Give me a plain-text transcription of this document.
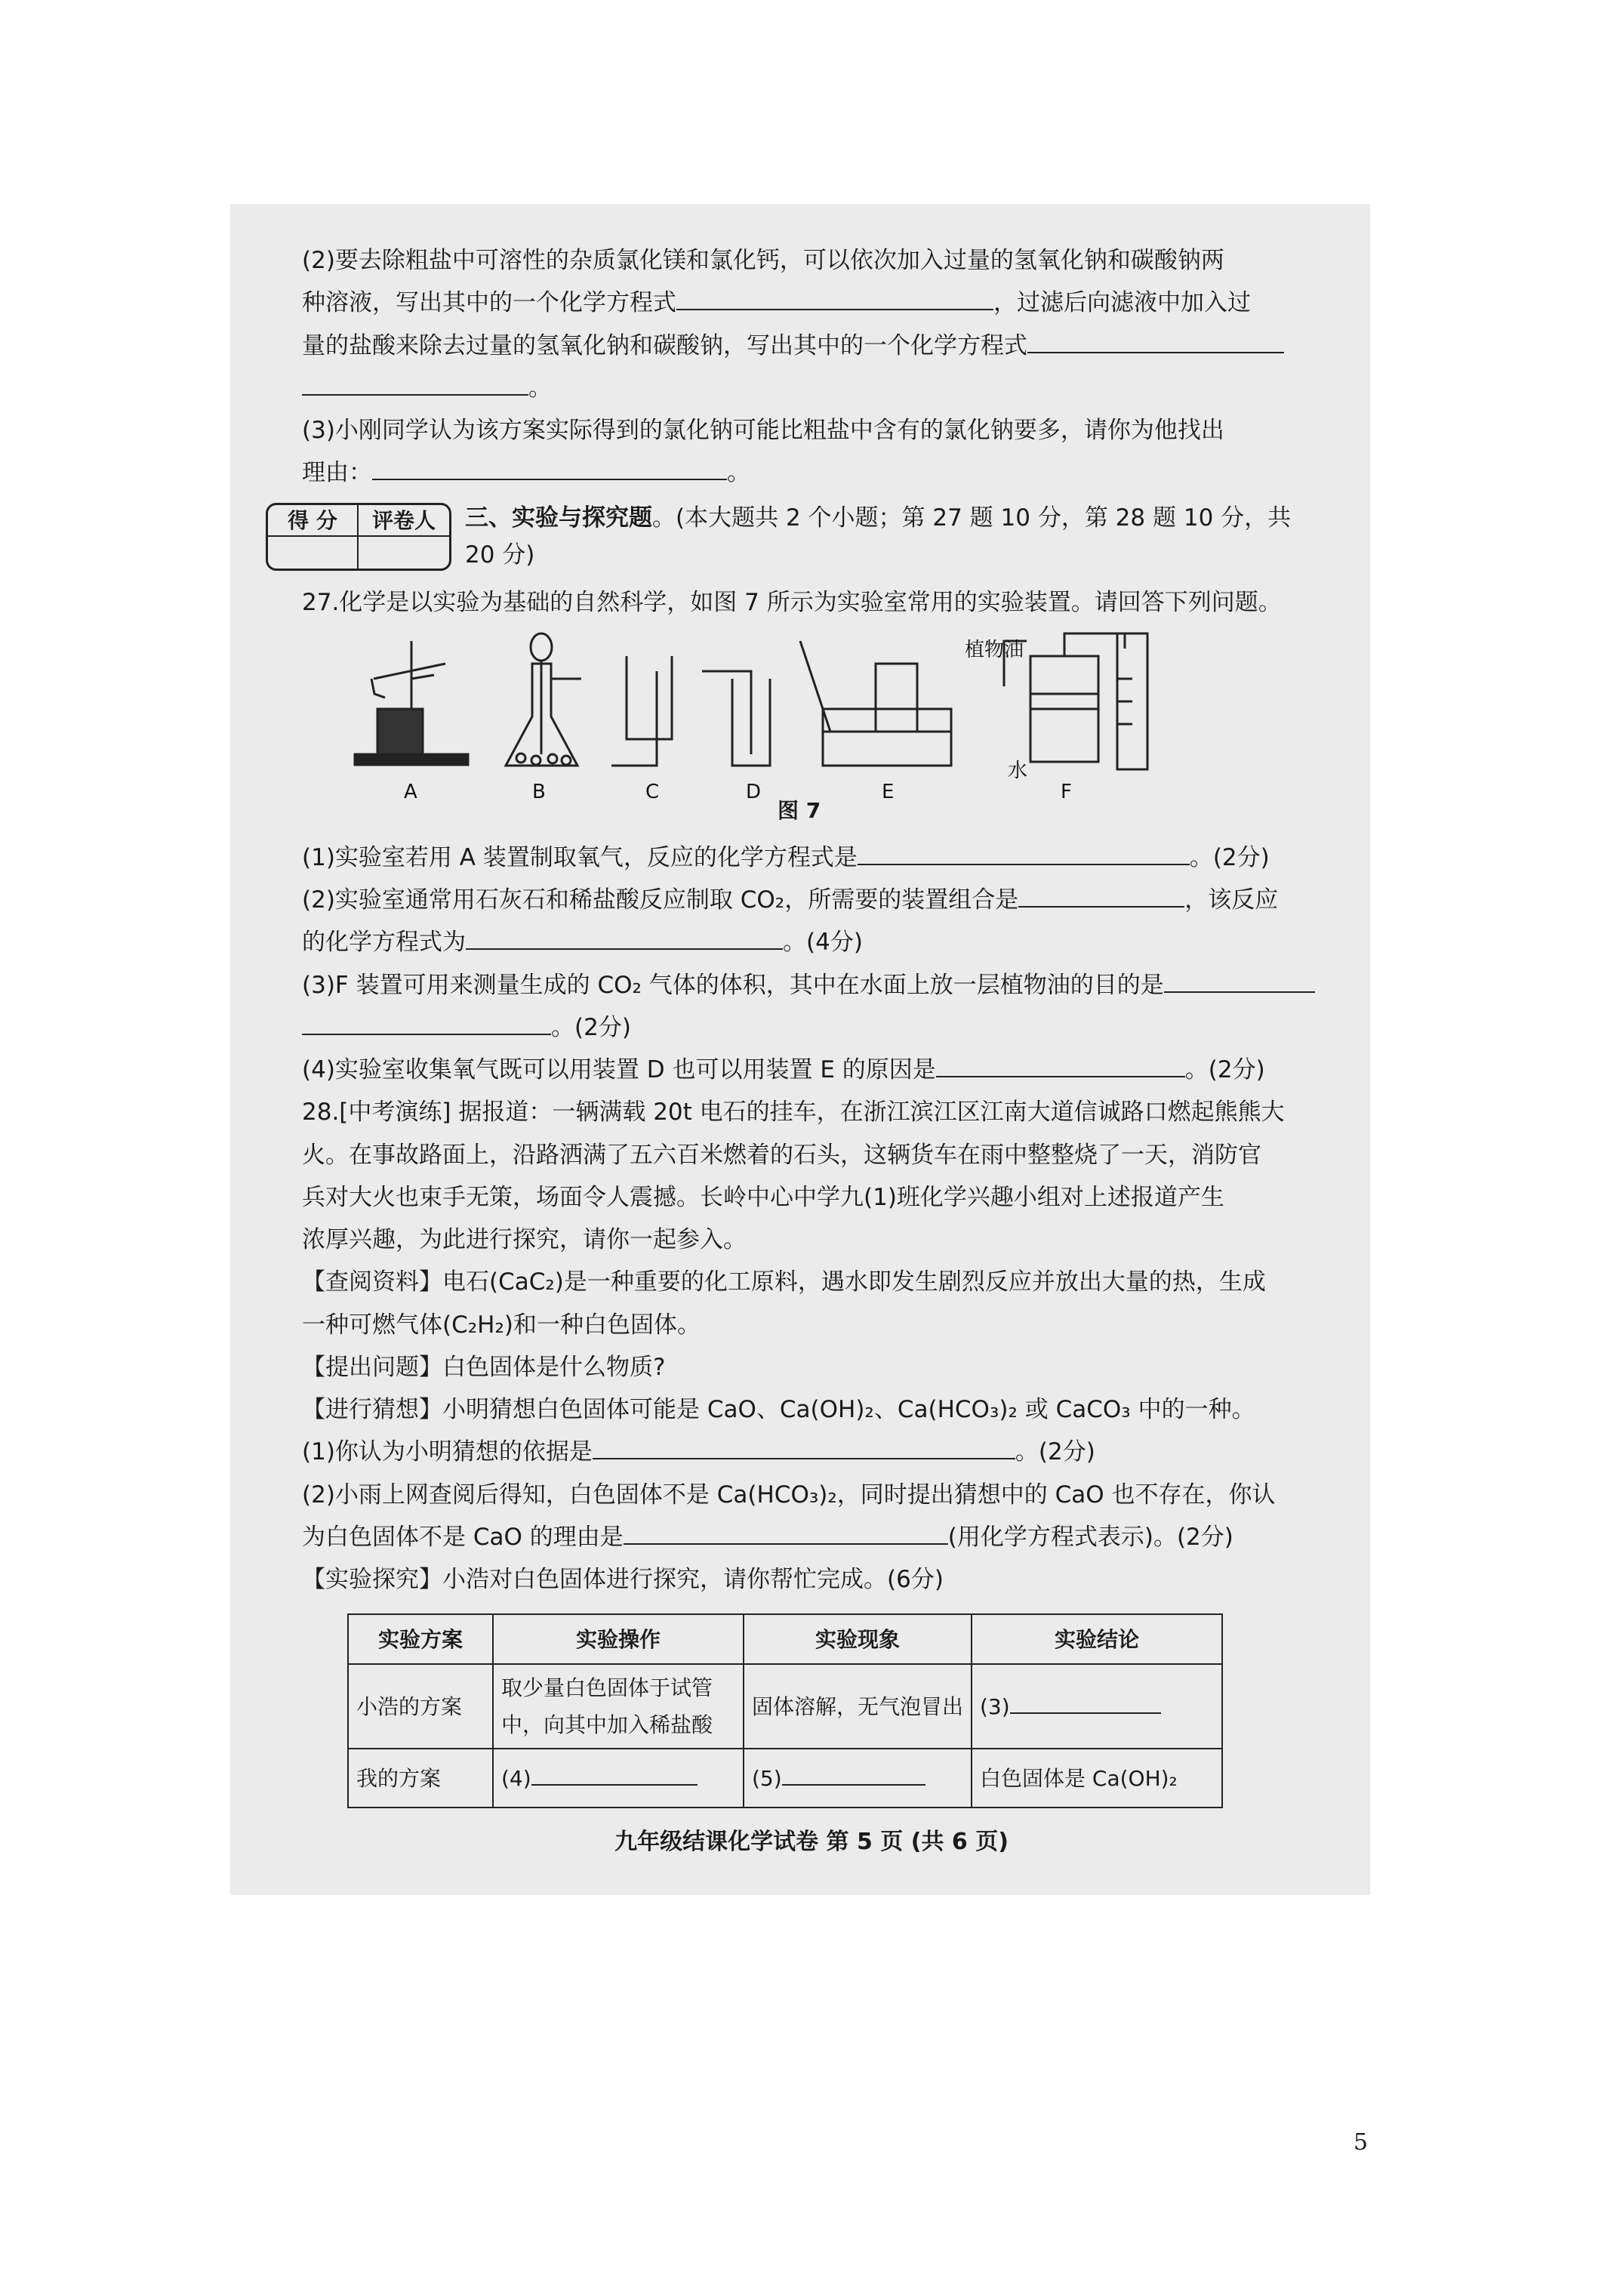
(2)要去除粗盐中可溶性的杂质氯化镁和氯化钙，可以依次加入过量的氢氧化钠和碳酸钠两

种溶液，写出其中的一个化学方程式	，过滤后向滤液中加入过

量的盐酸来除去过量的氢氧化钠和碳酸钠，写出其中的一个化学方程式

。

(3)小刚同学认为该方案实际得到的氯化钠可能比粗盐中含有的氯化钠要多，请你为他找出

理由：	。

得 分	评卷人	三、实验与探究题。(本大题共 2 个小题；第 27 题 10 分，第 28 题 10 分，共
20 分)

27.化学是以实验为基础的自然科学，如图 7 所示为实验室常用的实验装置。请回答下列问题。

A	B	C	D	E	F
植物油
水
图 7

(1)实验室若用 A 装置制取氧气，反应的化学方程式是	。(2分)

(2)实验室通常用石灰石和稀盐酸反应制取 CO₂，所需要的装置组合是	，该反应

的化学方程式为	。(4分)

(3)F 装置可用来测量生成的 CO₂ 气体的体积，其中在水面上放一层植物油的目的是

。(2分)

(4)实验室收集氧气既可以用装置 D 也可以用装置 E 的原因是	。(2分)

28.[中考演练] 据报道：一辆满载 20t 电石的挂车，在浙江滨江区江南大道信诚路口燃起熊熊大

火。在事故路面上，沿路洒满了五六百米燃着的石头，这辆货车在雨中整整烧了一天，消防官

兵对大火也束手无策，场面令人震撼。长岭中心中学九(1)班化学兴趣小组对上述报道产生

浓厚兴趣，为此进行探究，请你一起参入。

【查阅资料】电石(CaC₂)是一种重要的化工原料，遇水即发生剧烈反应并放出大量的热，生成

一种可燃气体(C₂H₂)和一种白色固体。

【提出问题】白色固体是什么物质?

【进行猜想】小明猜想白色固体可能是 CaO、Ca(OH)₂、Ca(HCO₃)₂ 或 CaCO₃ 中的一种。

(1)你认为小明猜想的依据是	。(2分)

(2)小雨上网查阅后得知，白色固体不是 Ca(HCO₃)₂，同时提出猜想中的 CaO 也不存在，你认

为白色固体不是 CaO 的理由是	(用化学方程式表示)。(2分)

【实验探究】小浩对白色固体进行探究，请你帮忙完成。(6分)

实验方案	实验操作	实验现象	实验结论
小浩的方案	取少量白色固体于试管中，向其中加入稀盐酸	固体溶解，无气泡冒出	(3)
我的方案	(4)	(5)	白色固体是 Ca(OH)₂
九年级结课化学试卷 第 5 页 (共 6 页)
5
